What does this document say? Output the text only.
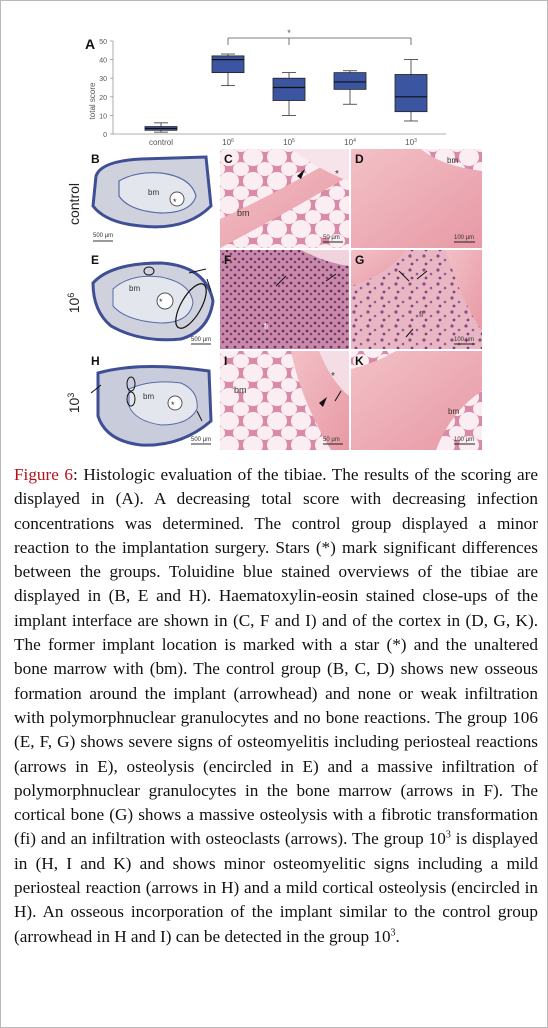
A
total score
0
10
20
30
40
50
*
control	$10^6$	$10^5$	$10^4$	$10^3$
control
$10^6$
$10^3$
B
bm
*
500 µm
C
bm
*
50 µm
D	bm
100 µm
E
bm
*
500 µm
F
fi
G
fi
100 µm
H
bm
*
500 µm
I
bm
*
50 µm
K
bm
100 µm
Figure 6: Histologic evaluation of the tibiae. The results of the scoring are displayed in (A). A decreasing total score with decreasing infection concentrations was determined. The control group displayed a minor reaction to the implantation surgery. Stars (*) mark significant differences between the groups. Toluidine blue stained overviews of the tibiae are displayed in (B, E and H). Haematoxylin-eosin stained close-ups of the implant interface are shown in (C, F and I) and of the cortex in (D, G, K). The former implant location is marked with a star (*) and the unaltered bone marrow with (bm). The control group (B, C, D) shows new osseous formation around the implant (arrowhead) and none or weak infiltration with polymorphnuclear granulocytes and no bone reactions. The group 106 (E, F, G) shows severe signs of osteomyelitis including periosteal reactions (arrows in E), osteolysis (encircled in E) and a massive infiltration of polymorphnuclear granulocytes in the bone marrow (arrows in F). The cortical bone (G) shows a massive osteolysis with a fibrotic transformation (fi) and an infiltration with osteoclasts (arrows). The group $10^3$ is displayed in (H, I and K) and shows minor osteomyelitic signs including a mild periosteal reaction (arrows in H) and a mild cortical osteolysis (encircled in H). An osseous incorporation of the implant similar to the control group (arrowhead in H and I) can be detected in the group $10^3$.
